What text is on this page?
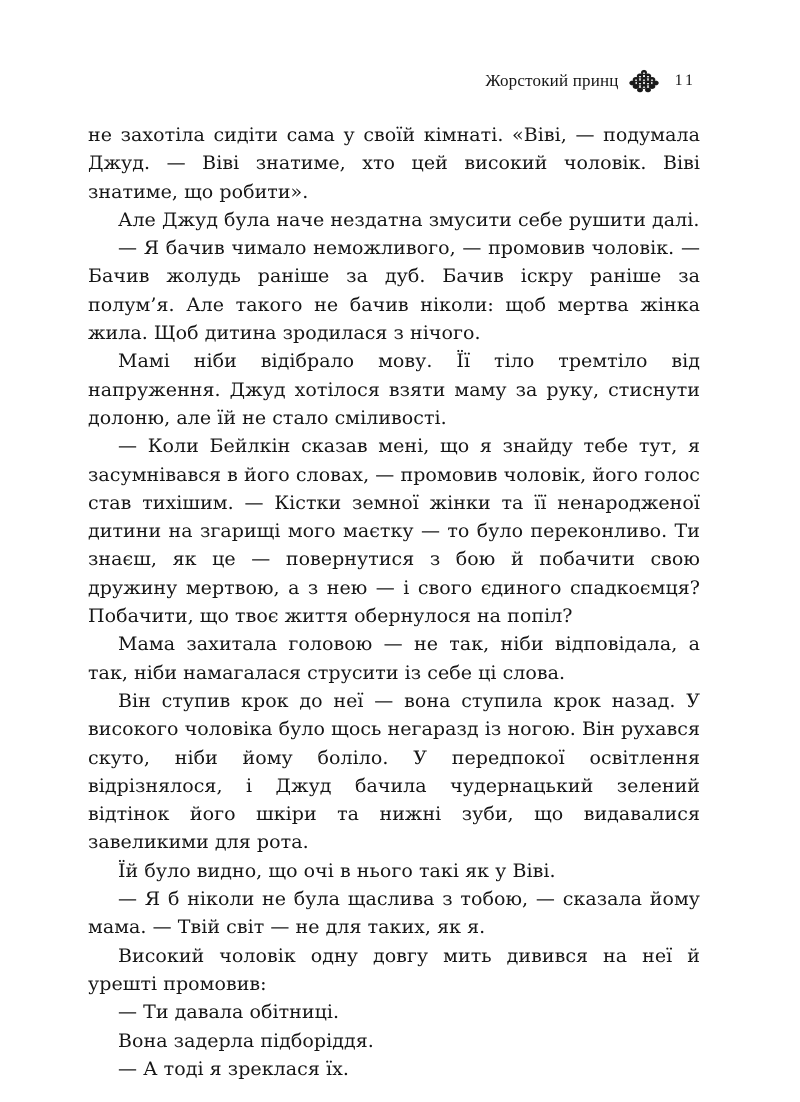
Жорстокий принц	11

не захотіла сидіти сама у своїй кімнаті. «Віві, — подумала Джуд. — Віві знатиме, хто цей високий чоловік. Віві знатиме, що робити».

Але Джуд була наче нездатна змусити себе рушити далі.

— Я бачив чимало неможливого, — промовив чоловік. — Бачив жолудь раніше за дуб. Бачив іскру раніше за полум’я. Але такого не бачив ніколи: щоб мертва жінка жила. Щоб дитина зродилася з нічого.

Мамі ніби відібрало мову. Її тіло тремтіло від напруження. Джуд хотілося взяти маму за руку, стиснути долоню, але їй не стало сміливості.

— Коли Бейлкін сказав мені, що я знайду тебе тут, я засумнівався в його словах, — промовив чоловік, його голос став тихішим. — Кістки земної жінки та її ненародженої дитини на згарищі мого маєтку — то було переконливо. Ти знаєш, як це — повернутися з бою й побачити свою дружину мертвою, а з нею — і свого єдиного спадкоємця? Побачити, що твоє життя обернулося на попіл?

Мама захитала головою — не так, ніби відповідала, а так, ніби намагалася струсити із себе ці слова.

Він ступив крок до неї — вона ступила крок назад. У високого чоловіка було щось негаразд із ногою. Він рухався скуто, ніби йому боліло. У передпокої освітлення відрізнялося, і Джуд бачила чудернацький зелений відтінок його шкіри та нижні зуби, що видавалися завеликими для рота.

Їй було видно, що очі в нього такі як у Віві.

— Я б ніколи не була щаслива з тобою, — сказала йому мама. — Твій світ — не для таких, як я.

Високий чоловік одну довгу мить дивився на неї й урешті промовив:

— Ти давала обітниці.

Вона задерла підборіддя.

— А тоді я зреклася їх.
